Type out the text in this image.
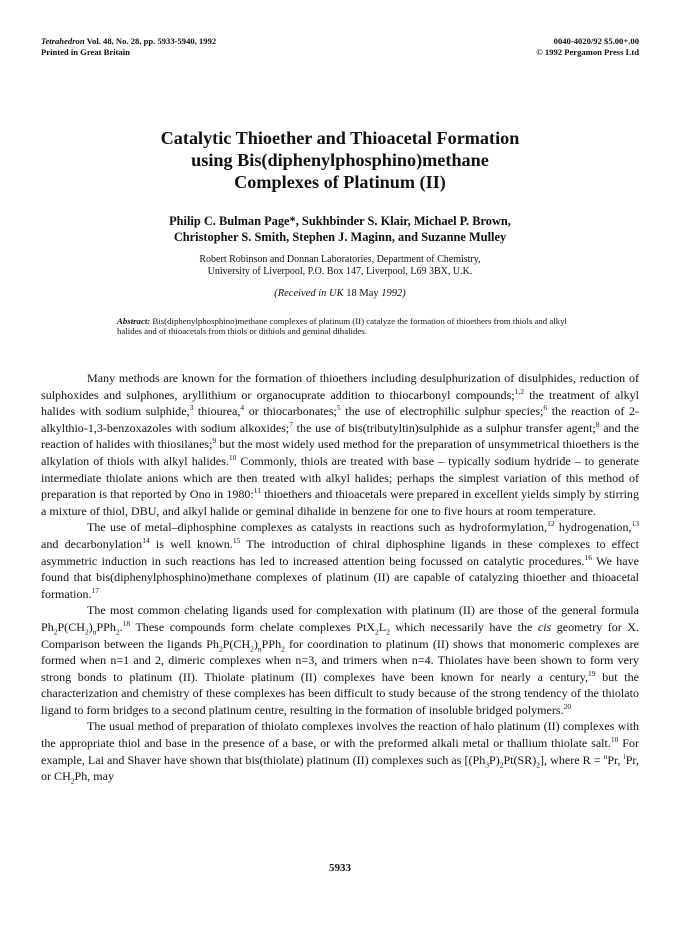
Tetrahedron Vol. 48, No. 28, pp. 5933-5940, 1992
Printed in Great Britain
0040-4020/92 $5.00+.00
© 1992 Pergamon Press Ltd
Catalytic Thioether and Thioacetal Formation
using Bis(diphenylphosphino)methane
Complexes of Platinum (II)
Philip C. Bulman Page*, Sukhbinder S. Klair, Michael P. Brown,
Christopher S. Smith, Stephen J. Maginn, and Suzanne Mulley
Robert Robinson and Donnan Laboratories, Department of Chemistry,
University of Liverpool, P.O. Box 147, Liverpool, L69 3BX, U.K.
(Received in UK 18 May 1992)
Abstract: Bis(diphenylphosphino)methane complexes of platinum (II) catalyze the formation of thioethers from thiols and alkyl halides and of thioacetals from thiols or dithiols and geminal dihalides.

Many methods are known for the formation of thioethers including desulphurization of disulphides, reduction of sulphoxides and sulphones, aryllithium or organocuprate addition to thiocarbonyl compounds;$^{1,2}$ the treatment of alkyl halides with sodium sulphide,$^3$ thiourea,$^4$ or thiocarbonates;$^5$ the use of electrophilic sulphur species;$^6$ the reaction of 2-alkylthio-1,3-benzoxazoles with sodium alkoxides;$^7$ the use of bis(tributyltin)sulphide as a sulphur transfer agent;$^8$ and the reaction of halides with thiosilanes;$^9$ but the most widely used method for the preparation of unsymmetrical thioethers is the alkylation of thiols with alkyl halides.$^{10}$ Commonly, thiols are treated with base – typically sodium hydride – to generate intermediate thiolate anions which are then treated with alkyl halides; perhaps the simplest variation of this method of preparation is that reported by Ono in 1980:$^{11}$ thioethers and thioacetals were prepared in excellent yields simply by stirring a mixture of thiol, DBU, and alkyl halide or geminal dihalide in benzene for one to five hours at room temperature.

The use of metal–diphosphine complexes as catalysts in reactions such as hydroformylation,$^{12}$ hydrogenation,$^{13}$ and decarbonylation$^{14}$ is well known.$^{15}$ The introduction of chiral diphosphine ligands in these complexes to effect asymmetric induction in such reactions has led to increased attention being focussed on catalytic procedures.$^{16}$ We have found that bis(diphenylphosphino)methane complexes of platinum (II) are capable of catalyzing thioether and thioacetal formation.$^{17}$

The most common chelating ligands used for complexation with platinum (II) are those of the general formula $Ph_2P(CH_2)_nPPh_2.^{18}$ These compounds form chelate complexes $PtX_2L_2$ which necessarily have the cis geometry for X. Comparison between the ligands $Ph_2P(CH_2)_nPPh_2$ for coordination to platinum (II) shows that monomeric complexes are formed when n=1 and 2, dimeric complexes when n=3, and trimers when n=4. Thiolates have been shown to form very strong bonds to platinum (II). Thiolate platinum (II) complexes have been known for nearly a century,$^{19}$ but the characterization and chemistry of these complexes has been difficult to study because of the strong tendency of the thiolato ligand to form bridges to a second platinum centre, resulting in the formation of insoluble bridged polymers.$^{20}$

The usual method of preparation of thiolato complexes involves the reaction of halo platinum (II) complexes with the appropriate thiol and base in the presence of a base, or with the preformed alkali metal or thallium thiolate salt.$^{10}$ For example, Lai and Shaver have shown that bis(thiolate) platinum (II) complexes such as $[(Ph_3P)_2Pt(SR)_2]$, where R = $^n$Pr, $^i$Pr, or $CH_2Ph$, may

5933
